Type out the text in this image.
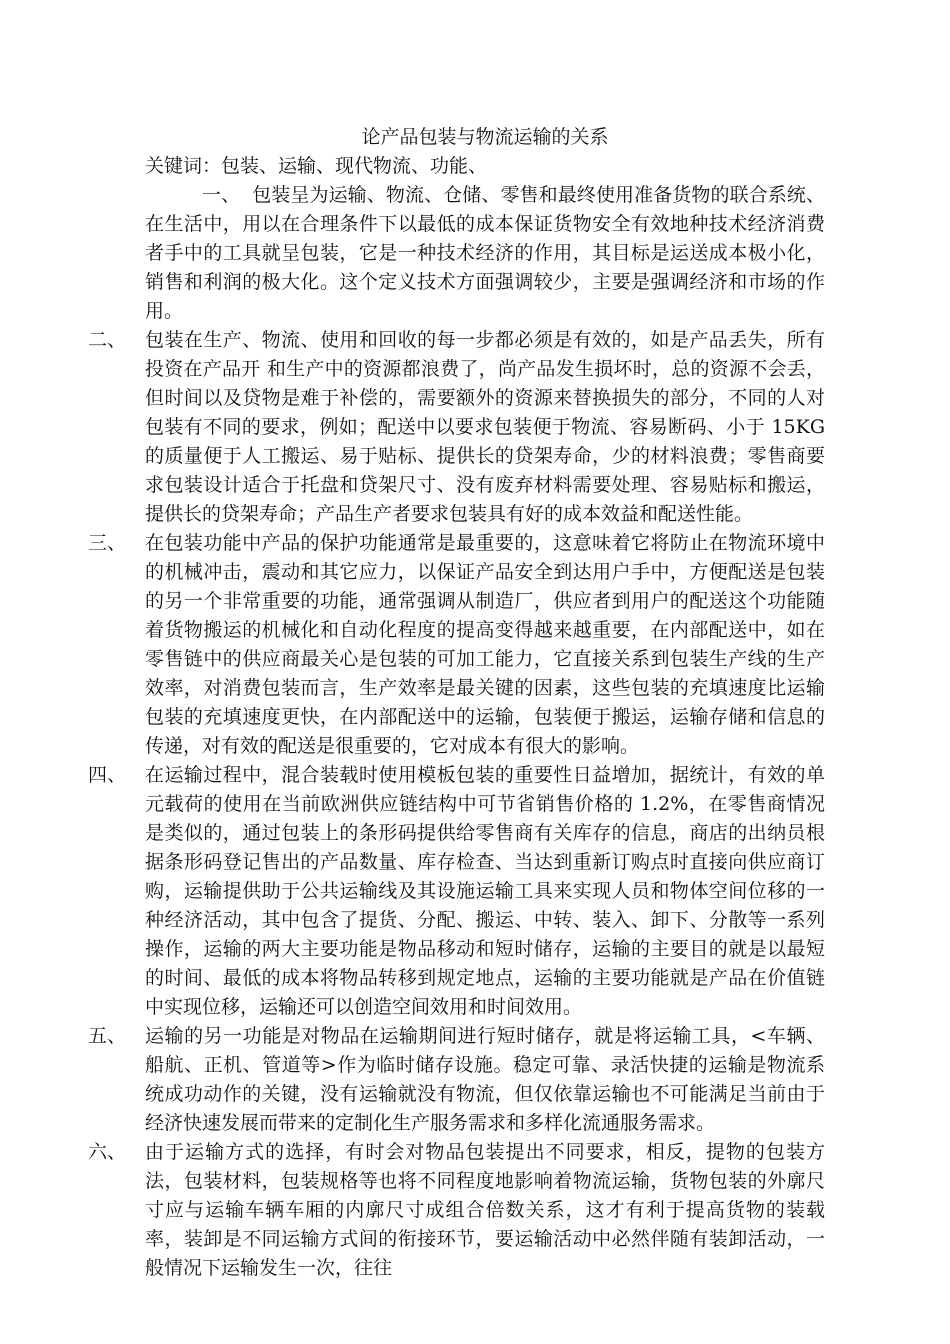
论产品包装与物流运输的关系

关键词：包装、运输、现代物流、功能、

一、 包装呈为运输、物流、仓储、零售和最终使用准备货物的联合系统、在生活中，用以在合理条件下以最低的成本保证货物安全有效地种技术经济消费者手中的工具就呈包装，它是一种技术经济的作用，其目标是运送成本极小化，销售和利润的极大化。这个定义技术方面强调较少，主要是强调经济和市场的作用。

二、 包装在生产、物流、使用和回收的每一步都必须是有效的，如是产品丢失，所有投资在产品开 和生产中的资源都浪费了，尚产品发生损坏时，总的资源不会丢，但时间以及贷物是难于补偿的，需要额外的资源来替换损失的部分，不同的人对包装有不同的要求，例如；配送中以要求包装便于物流、容易断码、小于 15KG 的质量便于人工搬运、易于贴标、提供长的贷架寿命，少的材料浪费；零售商要求包装设计适合于托盘和贷架尺寸、没有废弃材料需要处理、容易贴标和搬运，提供长的贷架寿命；产品生产者要求包装具有好的成本效益和配送性能。

三、 在包装功能中产品的保护功能通常是最重要的，这意味着它将防止在物流环境中的机械冲击，震动和其它应力，以保证产品安全到达用户手中，方便配送是包装的另一个非常重要的功能，通常强调从制造厂，供应者到用户的配送这个功能随着货物搬运的机械化和自动化程度的提高变得越来越重要，在内部配送中，如在零售链中的供应商最关心是包装的可加工能力，它直接关系到包装生产线的生产效率，对消费包装而言，生产效率是最关键的因素，这些包装的充填速度比运输包装的充填速度更快，在内部配送中的运输，包装便于搬运，运输存储和信息的传递，对有效的配送是很重要的，它对成本有很大的影响。

四、 在运输过程中，混合装载时使用模板包装的重要性日益增加，据统计，有效的单元载荷的使用在当前欧洲供应链结构中可节省销售价格的 1.2%，在零售商情况是类似的，通过包装上的条形码提供给零售商有关库存的信息，商店的出纳员根据条形码登记售出的产品数量、库存检查、当达到重新订购点时直接向供应商订购，运输提供助于公共运输线及其设施运输工具来实现人员和物体空间位移的一种经济活动，其中包含了提货、分配、搬运、中转、装入、卸下、分散等一系列操作，运输的两大主要功能是物品移动和短时储存，运输的主要目的就是以最短的时间、最低的成本将物品转移到规定地点，运输的主要功能就是产品在价值链中实现位移，运输还可以创造空间效用和时间效用。

五、 运输的另一功能是对物品在运输期间进行短时储存，就是将运输工具，<车辆、船航、正机、管道等>作为临时储存设施。稳定可靠、录活快捷的运输是物流系统成功动作的关键，没有运输就没有物流，但仅依靠运输也不可能满足当前由于经济快速发展而带来的定制化生产服务需求和多样化流通服务需求。

六、 由于运输方式的选择，有时会对物品包装提出不同要求，相反，提物的包装方法，包装材料，包装规格等也将不同程度地影响着物流运输，货物包装的外廓尺寸应与运输车辆车厢的内廓尺寸成组合倍数关系，这才有利于提高货物的装载率，装卸是不同运输方式间的衔接环节，要运输活动中必然伴随有装卸活动，一般情况下运输发生一次，往往
